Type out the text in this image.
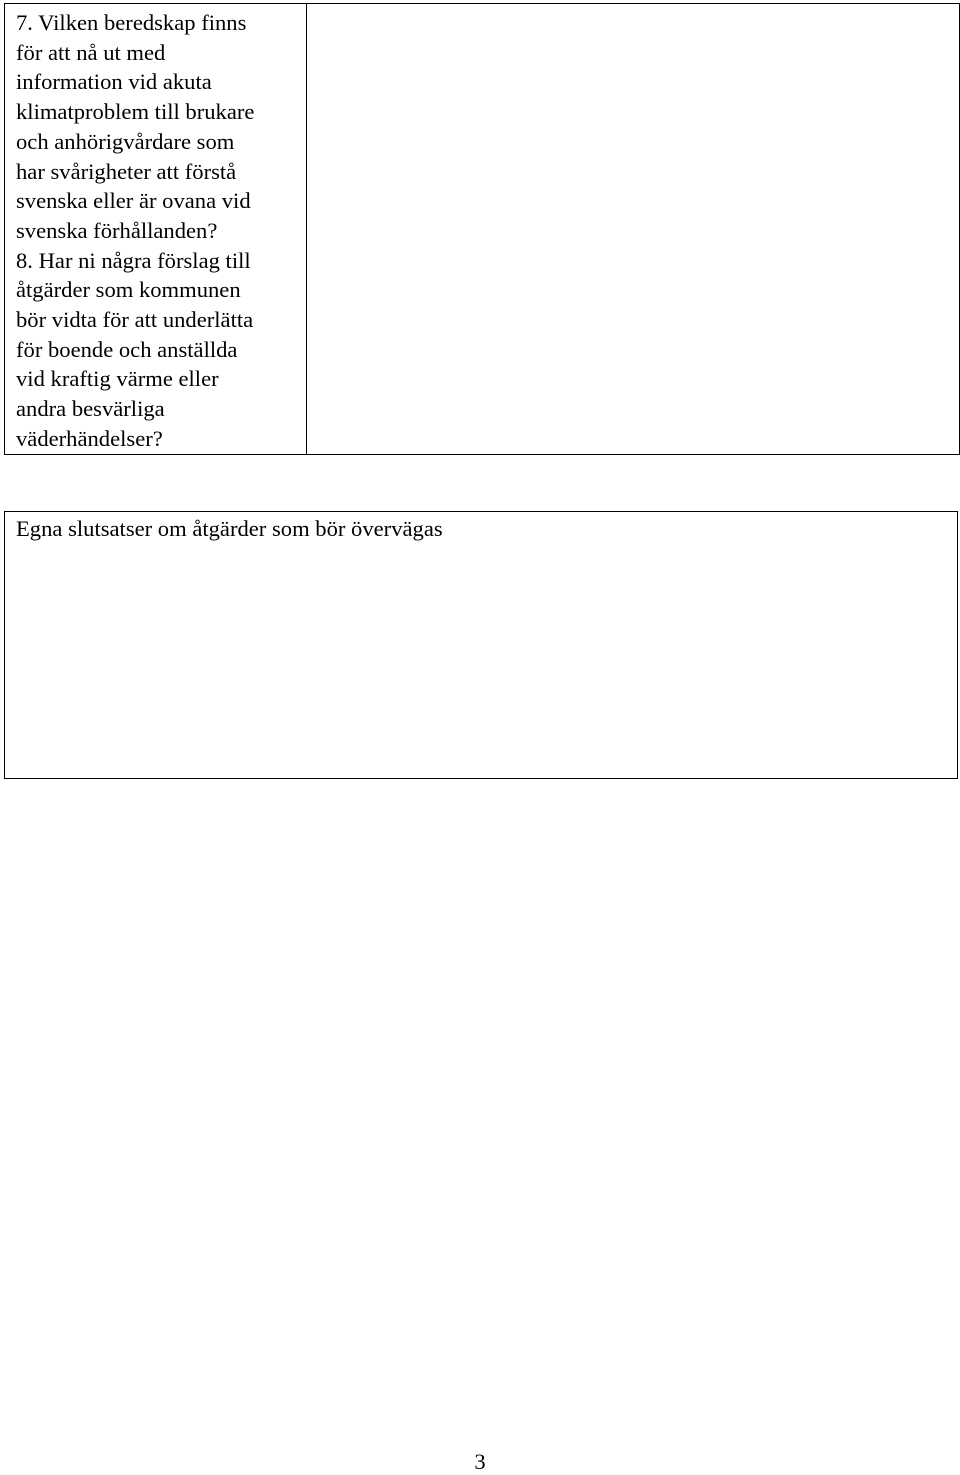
7. Vilken beredskap finns
för att nå ut med
information vid akuta
klimatproblem till brukare
och anhörigvårdare som
har svårigheter att förstå
svenska eller är ovana vid
svenska förhållanden?

8. Har ni några förslag till
åtgärder som kommunen
bör vidta för att underlätta
för boende och anställda
vid kraftig värme eller
andra besvärliga
väderhändelser?

Egna slutsatser om åtgärder som bör övervägas

3
